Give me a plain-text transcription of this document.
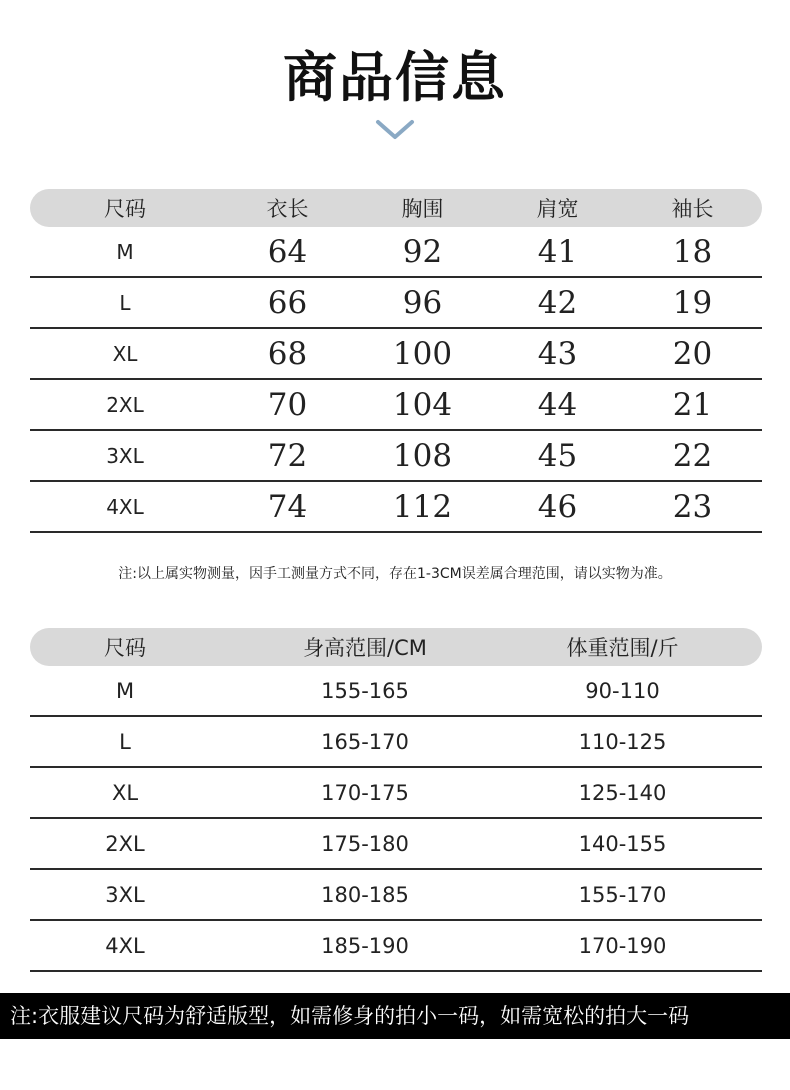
商品信息
尺码	衣长	胸围	肩宽	袖长
M	64	92	41	18
L	66	96	42	19
XL	68	100	43	20
2XL	70	104	44	21
3XL	72	108	45	22
4XL	74	112	46	23
注:以上属实物测量，因手工测量方式不同，存在1-3CM误差属合理范围，请以实物为准。
尺码	身高范围/CM	体重范围/斤
M	155-165	90-110
L	165-170	110-125
XL	170-175	125-140
2XL	175-180	140-155
3XL	180-185	155-170
4XL	185-190	170-190
注:衣服建议尺码为舒适版型，如需修身的拍小一码，如需宽松的拍大一码
